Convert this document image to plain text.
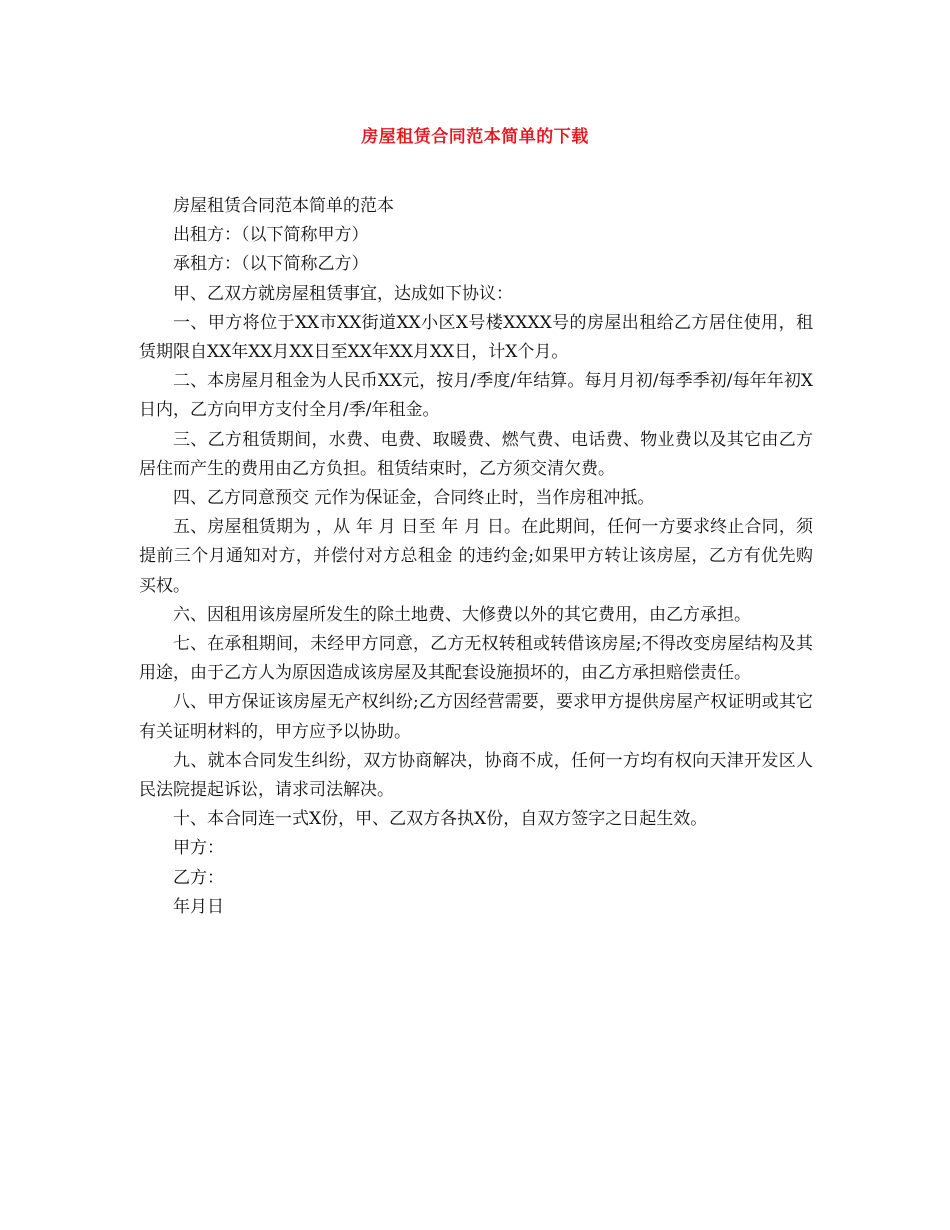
房屋租赁合同范本简单的下载

房屋租赁合同范本简单的范本

出租方：（以下简称甲方）

承租方：（以下简称乙方）

甲、乙双方就房屋租赁事宜，达成如下协议：

一、甲方将位于XX市XX街道XX小区X号楼XXXX号的房屋出租给乙方居住使用，租赁期限自XX年XX月XX日至XX年XX月XX日，计X个月。

二、本房屋月租金为人民币XX元，按月/季度/年结算。每月月初/每季季初/每年年初X日内，乙方向甲方支付全月/季/年租金。

三、乙方租赁期间，水费、电费、取暖费、燃气费、电话费、物业费以及其它由乙方居住而产生的费用由乙方负担。租赁结束时，乙方须交清欠费。

四、乙方同意预交 元作为保证金，合同终止时，当作房租冲抵。

五、房屋租赁期为 ，从 年 月 日至 年 月 日。在此期间，任何一方要求终止合同，须提前三个月通知对方，并偿付对方总租金 的违约金;如果甲方转让该房屋，乙方有优先购买权。

六、因租用该房屋所发生的除土地费、大修费以外的其它费用，由乙方承担。

七、在承租期间，未经甲方同意，乙方无权转租或转借该房屋;不得改变房屋结构及其用途，由于乙方人为原因造成该房屋及其配套设施损坏的，由乙方承担赔偿责任。

八、甲方保证该房屋无产权纠纷;乙方因经营需要，要求甲方提供房屋产权证明或其它有关证明材料的，甲方应予以协助。

九、就本合同发生纠纷，双方协商解决，协商不成，任何一方均有权向天津开发区人民法院提起诉讼，请求司法解决。

十、本合同连一式X份，甲、乙双方各执X份，自双方签字之日起生效。

甲方：

乙方：

年月日
